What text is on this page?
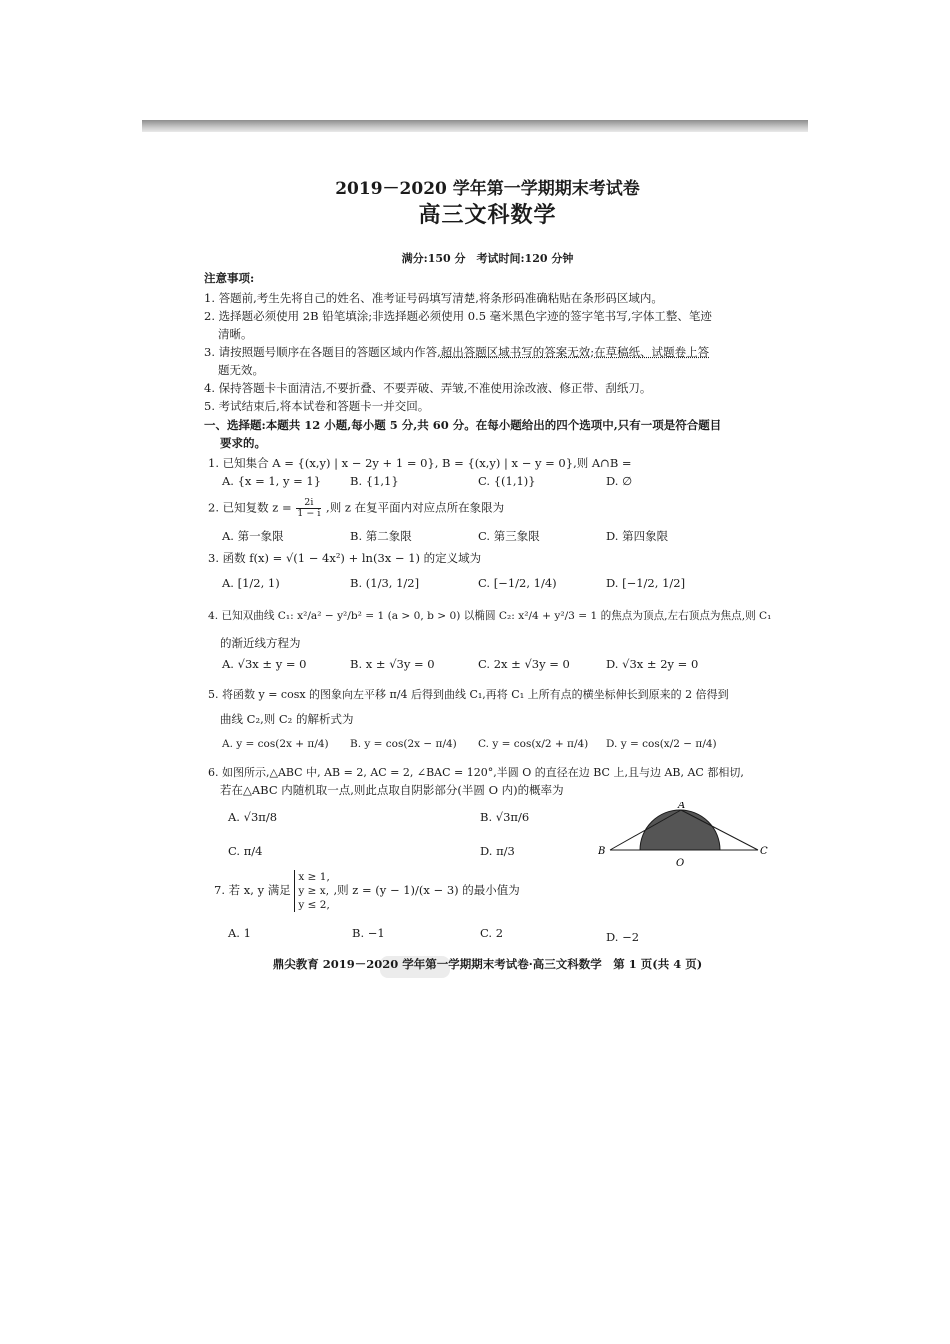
2019－2020 学年第一学期期末考试卷
高三文科数学
满分:150 分　考试时间:120 分钟
注意事项:
1. 答题前,考生先将自己的姓名、准考证号码填写清楚,将条形码准确粘贴在条形码区域内。
2. 选择题必须使用 2B 铅笔填涂;非选择题必须使用 0.5 毫米黑色字迹的签字笔书写,字体工整、笔迹
清晰。
3. 请按照题号顺序在各题目的答题区域内作答,超出答题区域书写的答案无效;在草稿纸、试题卷上答
题无效。
4. 保持答题卡卡面清洁,不要折叠、不要弄破、弄皱,不准使用涂改液、修正带、刮纸刀。
5. 考试结束后,将本试卷和答题卡一并交回。
一、选择题:本题共 12 小题,每小题 5 分,共 60 分。在每小题给出的四个选项中,只有一项是符合题目
要求的。
1. 已知集合 A = {(x,y) | x − 2y + 1 = 0}, B = {(x,y) | x − y = 0},则 A∩B =
A. {x = 1, y = 1}	B. {1,1}	C. {(1,1)}	D. ∅
2. 已知复数 $z = \frac{2i}{1 - i}$ ,则 z 在复平面内对应点所在象限为
A. 第一象限	B. 第二象限	C. 第三象限	D. 第四象限
3. 函数 f(x) = √(1 − 4x²) + ln(3x − 1) 的定义域为
A. [1/2, 1)	B. (1/3, 1/2]	C. [−1/2, 1/4)	D. [−1/2, 1/2]
4. 已知双曲线 C₁: x²/a² − y²/b² = 1 (a > 0, b > 0) 以椭圆 C₂: x²/4 + y²/3 = 1 的焦点为顶点,左右顶点为焦点,则 C₁
的渐近线方程为
A. √3x ± y = 0	B. x ± √3y = 0	C. 2x ± √3y = 0	D. √3x ± 2y = 0
5. 将函数 y = cosx 的图象向左平移 π/4 后得到曲线 C₁,再将 C₁ 上所有点的横坐标伸长到原来的 2 倍得到
曲线 C₂,则 C₂ 的解析式为
A. y = cos(2x + π/4) B. y = cos(2x − π/4) C. y = cos(x/2 + π/4) D. y = cos(x/2 − π/4)
6. 如图所示,△ABC 中, AB = 2, AC = 2, ∠BAC = 120°,半圆 O 的直径在边 BC 上,且与边 AB, AC 都相切,
若在△ABC 内随机取一点,则此点取自阴影部分(半圆 O 内)的概率为
A. √3π/8	B. √3π/6
C. π/4	D. π/3
A
B	C
O
7. 若 x, y 满足 x ≥ 1,
y ≥ x,
y ≤ 2, ,则 z = (y − 1)/(x − 3) 的最小值为
A. 1	B. −1	C. 2	D. −2
鼎尖教育 2019－2020 学年第一学期期末考试卷·高三文科数学　第 1 页(共 4 页)
